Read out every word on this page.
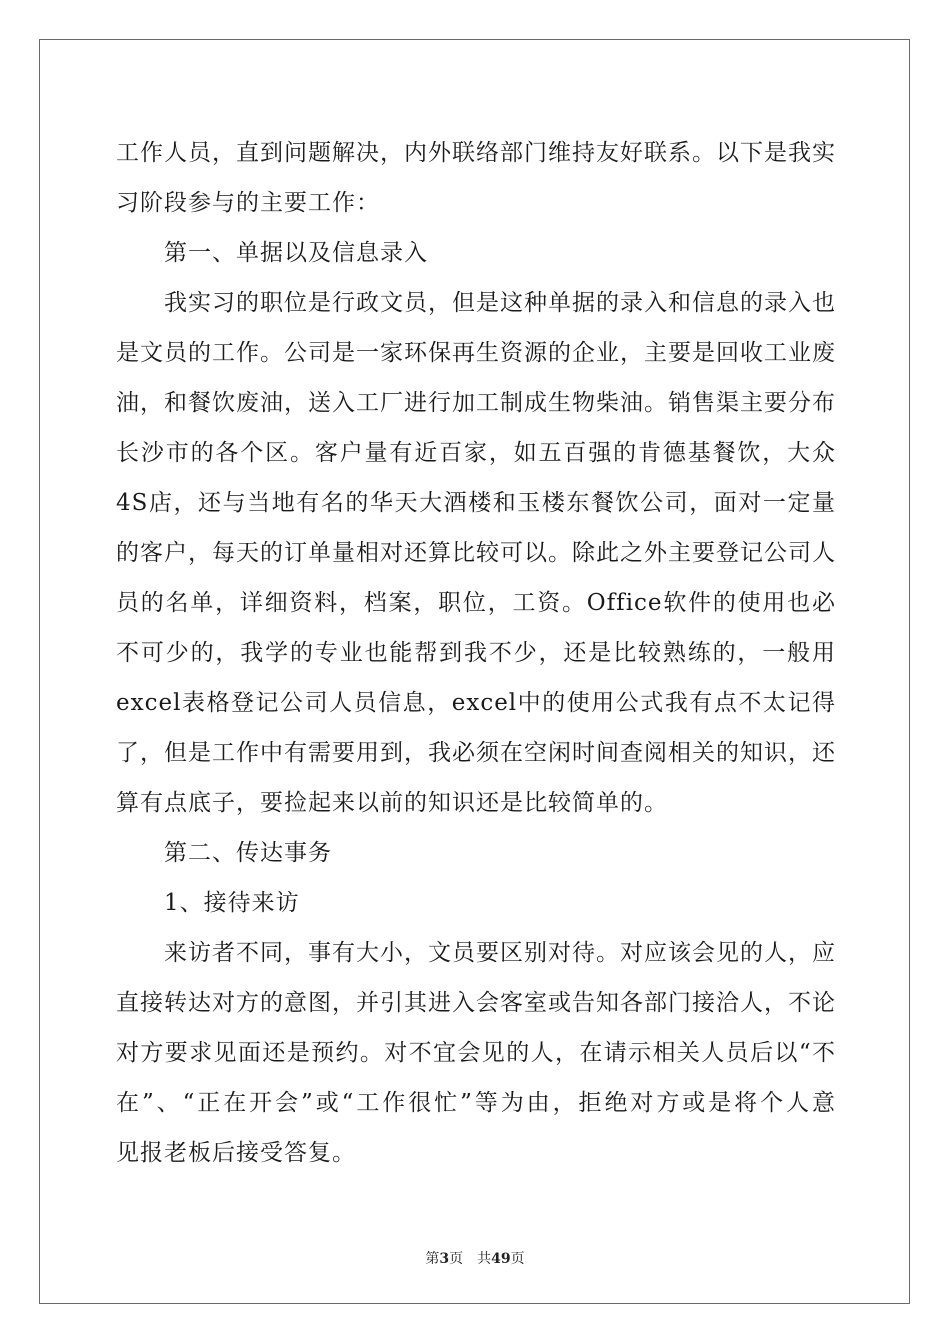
工作人员，直到问题解决，内外联络部门维持友好联系。以下是我实
习阶段参与的主要工作：
第一、单据以及信息录入
我实习的职位是行政文员，但是这种单据的录入和信息的录入也
是文员的工作。公司是一家环保再生资源的企业，主要是回收工业废
油，和餐饮废油，送入工厂进行加工制成生物柴油。销售渠主要分布
长沙市的各个区。客户量有近百家，如五百强的肯德基餐饮，大众
4S店，还与当地有名的华天大酒楼和玉楼东餐饮公司，面对一定量
的客户，每天的订单量相对还算比较可以。除此之外主要登记公司人
员的名单，详细资料，档案，职位，工资。Office软件的使用也必
不可少的，我学的专业也能帮到我不少，还是比较熟练的，一般用
excel表格登记公司人员信息，excel中的使用公式我有点不太记得
了，但是工作中有需要用到，我必须在空闲时间查阅相关的知识，还
算有点底子，要捡起来以前的知识还是比较简单的。
第二、传达事务
1、接待来访
来访者不同，事有大小，文员要区别对待。对应该会见的人，应
直接转达对方的意图，并引其进入会客室或告知各部门接洽人，不论
对方要求见面还是预约。对不宜会见的人，在请示相关人员后以“不
在”、“正在开会”或“工作很忙”等为由，拒绝对方或是将个人意
见报老板后接受答复。
第3页 共49页
